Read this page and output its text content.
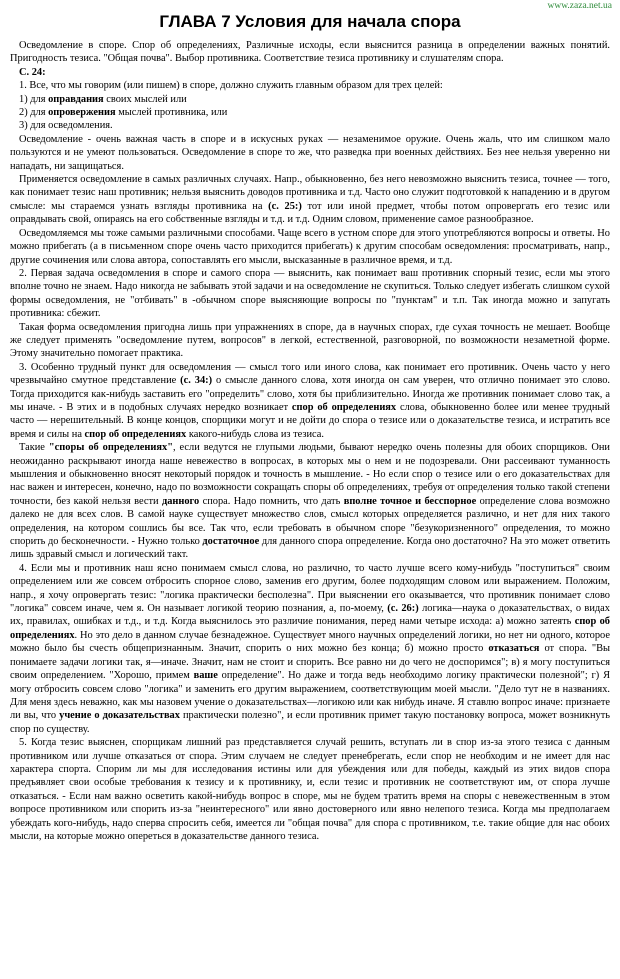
www.zaza.net.ua
ГЛАВА 7 Условия для начала спора

Осведомление в споре. Спор об определениях, Различные исходы, если выяснится разница в определении важных понятий. Пригодность тезиса. "Общая почва". Выбор противника. Соответствие тезиса противнику и слушателям спора.

С. 24:

1. Все, что мы говорим (или пишем) в споре, должно служить главным образом для трех целей:

1) для оправдания своих мыслей или

2) для опровержения мыслей противника, или

3) для осведомления.

Осведомление - очень важная часть в споре и в искусных руках — незаменимое оружие. Очень жаль, что им слишком мало пользуются и не умеют пользоваться. Осведомление в споре то же, что разведка при военных действиях. Без нее нельзя уверенно ни нападать, ни защищаться.

Применяется осведомление в самых различных случаях. Напр., обыкновенно, без него невозможно выяснить тезиса, точнее — того, как понимает тезис наш противник; нельзя выяснить доводов противника и т.д. Часто оно служит подготовкой к нападению и в другом смысле: мы стараемся узнать взгляды противника на (с. 25:) тот или иной предмет, чтобы потом опровергать его тезис или оправдывать свой, опираясь на его собственные взгляды и т.д. и т.д. Одним словом, применение самое разнообразное.

Осведомляемся мы тоже самыми различными способами. Чаще всего в устном споре для этого употребляются вопросы и ответы. Но можно прибегать (а в письменном споре очень часто приходится прибегать) к другим способам осведомления: просматривать, напр., другие сочинения или слова автора, сопоставлять его мысли, высказанные в различное время, и т.д.

2. Первая задача осведомления в споре и самого спора — выяснить, как понимает ваш противник спорный тезис, если мы этого вполне точно не знаем. Надо никогда не забывать этой задачи и на осведомление не скупиться. Только следует избегать слишком сухой формы осведомления, не "отбивать" в -обычном споре выясняющие вопросы по "пунктам" и т.п. Так иногда можно и запугать противника: сбежит.

Такая форма осведомления пригодна лишь при упражнениях в споре, да в научных спорах, где сухая точность не мешает. Вообще же следует применять "осведомление путем, вопросов" в легкой, естественной, разговорной, по возможности незаметной форме. Этому значительно помогает практика.

3. Особенно трудный пункт для осведомления — смысл того или иного слова, как понимает его противник. Очень часто у него чрезвычайно смутное представление (с. 34:) о смысле данного слова, хотя иногда он сам уверен, что отлично понимает это слово. Тогда приходится как-нибудь заставить его "определить" слово, хотя бы приблизительно. Иногда же противник понимает слово так, а мы иначе. - В этих и в подобных случаях нередко возникает спор об определениях слова, обыкновенно более или менее трудный часто — нерешительный. В конце концов, спорщики могут и не дойти до спора о тезисе или о доказательстве тезиса, и истратить все время и силы на спор об определениях какого-нибудь слова из тезиса.

Такие "споры об определениях", если ведутся не глупыми людьми, бывают нередко очень полезны для обоих спорщиков. Они неожиданно раскрывают иногда наше невежество в вопросах, в которых мы о нем и не подозревали. Они рассеивают туманность мышления и обыкновенно вносят некоторый порядок и точность в мышление. - Но если спор о тезисе или о его доказательствах для нас важен и интересен, конечно, надо по возможности сокращать споры об определениях, требуя от определения только такой степени точности, без какой нельзя вести данного спора. Надо помнить, что дать вполне точное и бесспорное определение слова возможно далеко не для всех слов. В самой науке существует множество слов, смысл которых определяется различно, и нет для них такого определения, на котором сошлись бы все. Так что, если требовать в обычном споре "безукоризненного" определения, то можно спорить до бесконечности. - Нужно только достаточное для данного спора определение. Когда оно достаточно? На это может ответить лишь здравый смысл и логический такт.

4. Если мы и противник наш ясно понимаем смысл слова, но различно, то часто лучше всего кому-нибудь "поступиться" своим определением или же совсем отбросить спорное слово, заменив его другим, более подходящим словом или выражением. Положим, напр., я хочу опровергать тезис: "логика практически бесполезна". При выяснении его оказывается, что противник понимает слово "логика" совсем иначе, чем я. Он называет логикой теорию познания, а, по-моему, (с. 26:) логика—наука о доказательствах, о видах их, правилах, ошибках и т.д., и т.д. Когда выяснилось это различие понимания, перед нами четыре исхода: а) можно затеять спор об определениях. Но это дело в данном случае безнадежное. Существует много научных определений логики, но нет ни одного, которое можно было бы счесть общепризнанным. Значит, спорить о них можно без конца; б) можно просто отказаться от спора. "Вы понимаете задачи логики так, я—иначе. Значит, нам не стоит и спорить. Все равно ни до чего не доспоримся"; в) я могу поступиться своим определением. "Хорошо, примем ваше определение". Но даже и тогда ведь необходимо логику практически полезной"; г) Я могу отбросить совсем слово "логика" и заменить его другим выражением, соответствующим моей мысли. "Дело тут не в названиях. Для меня здесь неважно, как мы назовем учение о доказательствах—логикою или как нибудь иначе. Я ставлю вопрос иначе: признаете ли вы, что учение о доказательствах практически полезно", и если противник примет такую постановку вопроса, может возникнуть спор по существу.

5. Когда тезис выяснен, спорщикам лишний раз представляется случай решить, вступать ли в спор из-за этого тезиса с данным противником или лучше отказаться от спора. Этим случаем не следует пренебрегать, если спор не необходим и не имеет для нас характера спорта. Спорим ли мы для исследования истины или для убеждения или для победы, каждый из этих видов спора предъявляет свои особые требования к тезису и к противнику, и, если тезис и противник не соответствуют им, от спора лучше отказаться. - Если нам важно осветить какой-нибудь вопрос в споре, мы не будем тратить время на споры с невежественным в этом вопросе противником или спорить из-за "неинтересного" или явно достоверного или явно нелепого тезиса. Когда мы предполагаем убеждать кого-нибудь, надо сперва спросить себя, имеется ли "общая почва" для спора с противником, т.е. такие общие для нас обоих мысли, на которые можно опереться в доказательстве данного тезиса.
